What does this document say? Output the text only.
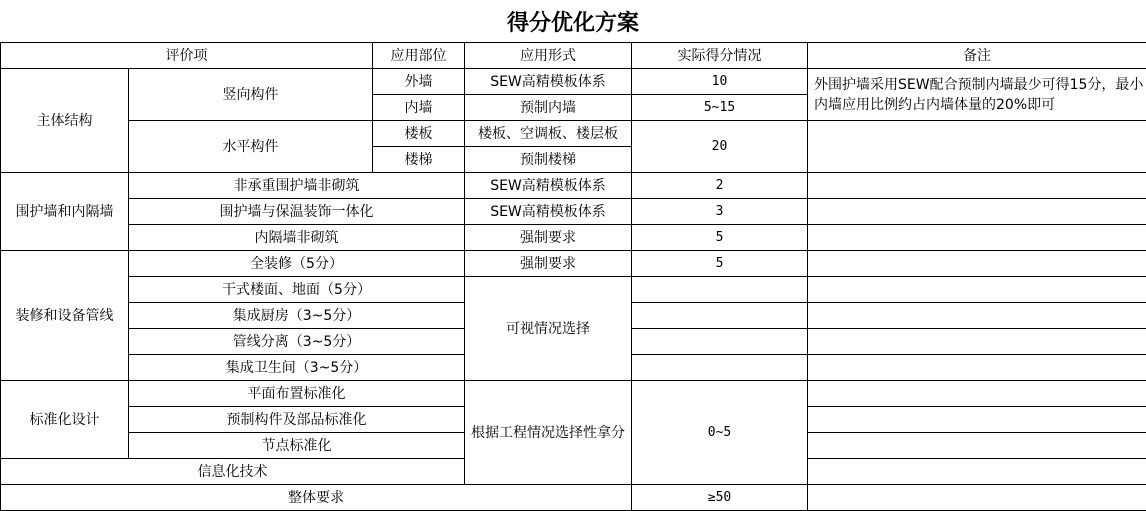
得分优化方案
评价项		应用部位	应用形式	实际得分情况	备注
主体结构	竖向构件	外墙	SEW高精模板体系	10	外围护墙采用SEW配合预制内墙最少可得15分，最小内墙应用比例约占内墙体量的20%即可
		内墙	预制内墙	5~15	
	水平构件	楼板	楼板、空调板、楼层板	20	
		楼梯	预制楼梯		
围护墙和内隔墙	非承重围护墙非砌筑		SEW高精模板体系	2	
	围护墙与保温装饰一体化		SEW高精模板体系	3	
	内隔墙非砌筑		强制要求	5	
装修和设备管线	全装修（5分）		强制要求	5	
	干式楼面、地面（5分）		可视情况选择		
	集成厨房（3~5分）				
	管线分离（3~5分）				
	集成卫生间（3~5分）				
标准化设计	平面布置标准化		根据工程情况选择性拿分	0~5	
	预制构件及部品标准化				
	节点标准化				
信息化技术					
整体要求				≥50	
